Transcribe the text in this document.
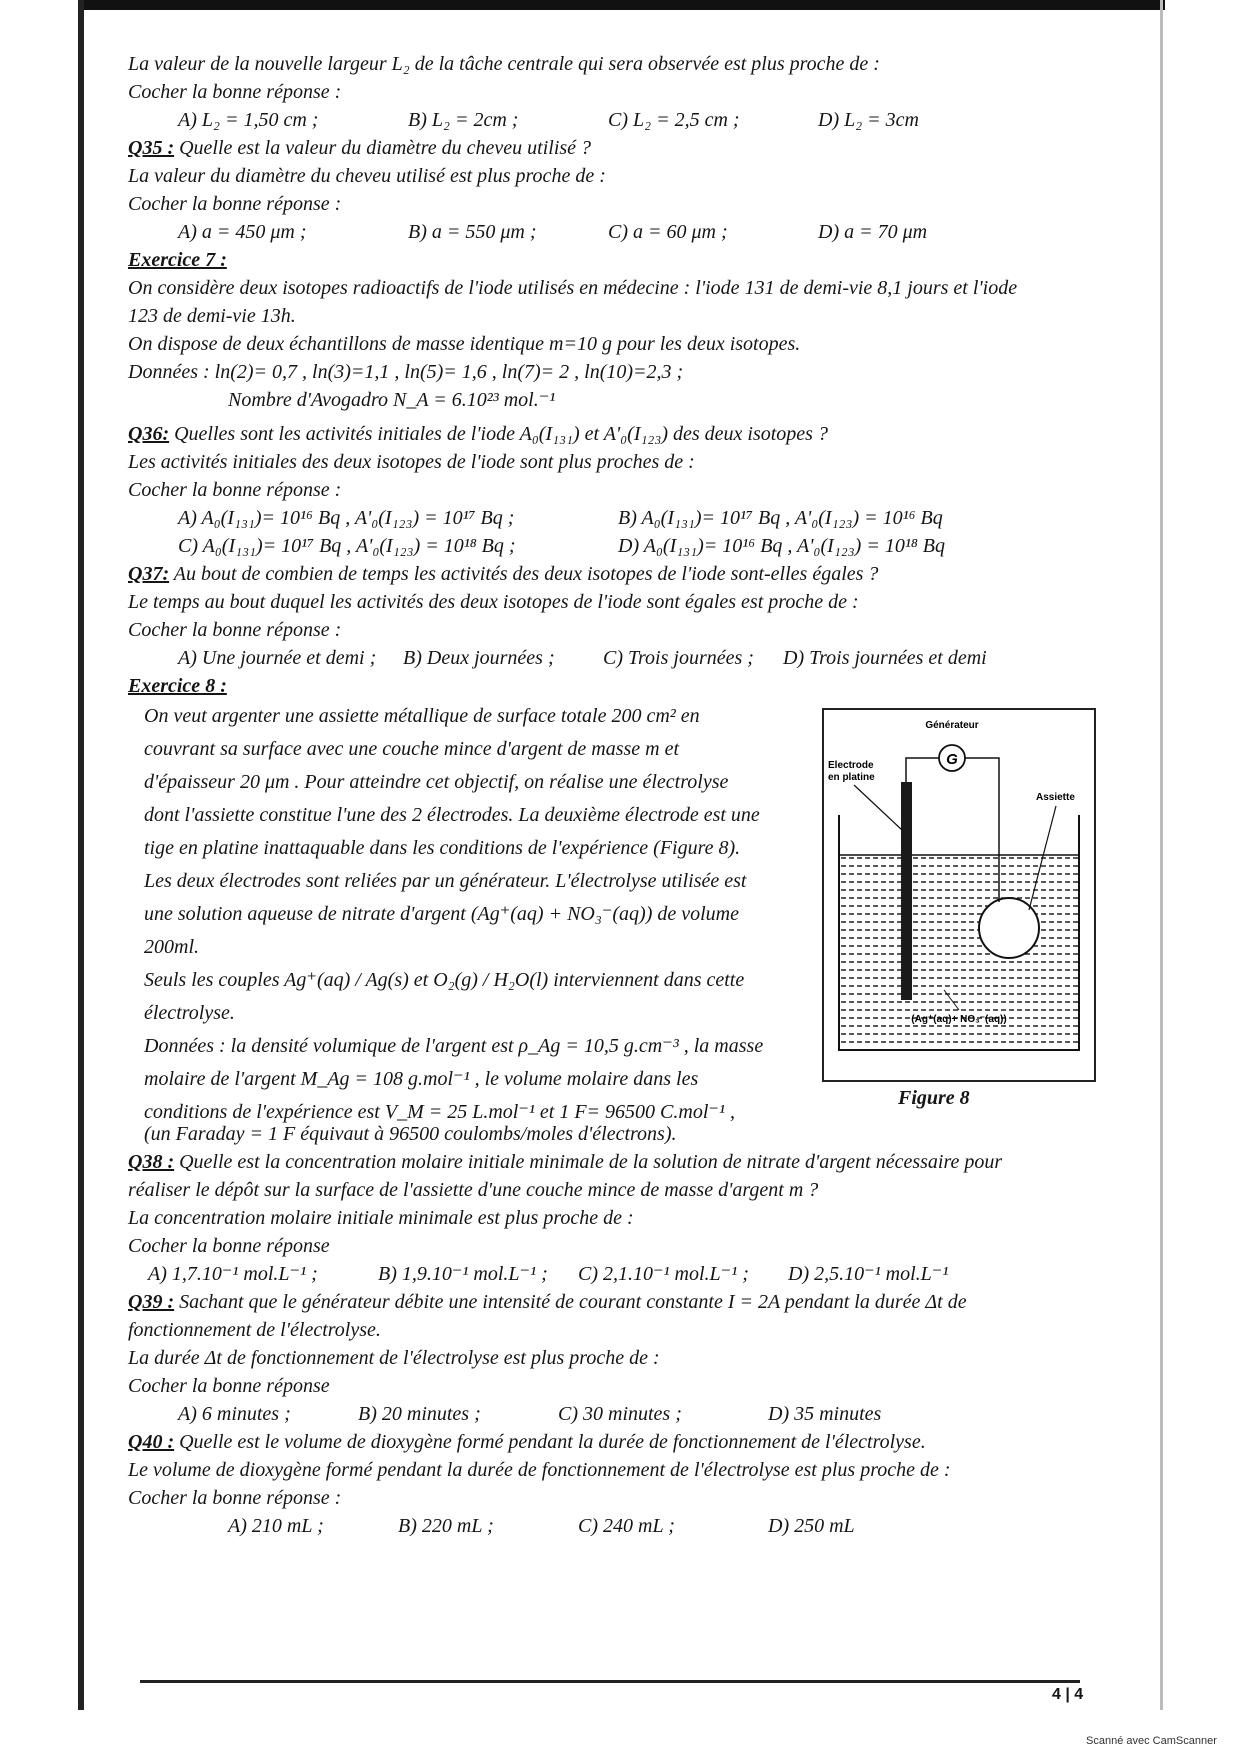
La valeur de la nouvelle largeur L₂ de la tâche centrale qui sera observée est plus proche de :
Cocher la bonne réponse :
A) L₂ = 1,50 cm ;	B) L₂ = 2cm ;	C) L₂ = 2,5 cm ;	D) L₂ = 3cm
Q35 : Quelle est la valeur du diamètre du cheveu utilisé ?
La valeur du diamètre du cheveu utilisé est plus proche de :
Cocher la bonne réponse :
A) a = 450 μm ;	B) a = 550 μm ;	C) a = 60 μm ;	D) a = 70 μm
Exercice 7 :
On considère deux isotopes radioactifs de l'iode utilisés en médecine : l'iode 131 de demi-vie 8,1 jours et l'iode
123 de demi-vie 13h.
On dispose de deux échantillons de masse identique m=10 g pour les deux isotopes.
Données : ln(2)= 0,7 , ln(3)=1,1 , ln(5)= 1,6 , ln(7)= 2 , ln(10)=2,3 ;
Nombre d'Avogadro N_A = 6.10²³ mol.⁻¹
Q36: Quelles sont les activités initiales de l'iode A₀(I₁₃₁) et A'₀(I₁₂₃) des deux isotopes ?
Les activités initiales des deux isotopes de l'iode sont plus proches de :
Cocher la bonne réponse :
A) A₀(I₁₃₁)= 10¹⁶ Bq , A'₀(I₁₂₃) = 10¹⁷ Bq ;	B) A₀(I₁₃₁)= 10¹⁷ Bq , A'₀(I₁₂₃) = 10¹⁶ Bq
C) A₀(I₁₃₁)= 10¹⁷ Bq , A'₀(I₁₂₃) = 10¹⁸ Bq ;	D) A₀(I₁₃₁)= 10¹⁶ Bq , A'₀(I₁₂₃) = 10¹⁸ Bq
Q37: Au bout de combien de temps les activités des deux isotopes de l'iode sont-elles égales ?
Le temps au bout duquel les activités des deux isotopes de l'iode sont égales est proche de :
Cocher la bonne réponse :
A) Une journée et demi ;	B) Deux journées ;	C) Trois journées ;	D) Trois journées et demi
Exercice 8 :
On veut argenter une assiette métallique de surface totale 200 cm² en
couvrant sa surface avec une couche mince d'argent de masse m et
d'épaisseur 20 μm . Pour atteindre cet objectif, on réalise une électrolyse
dont l'assiette constitue l'une des 2 électrodes. La deuxième électrode est une
tige en platine inattaquable dans les conditions de l'expérience (Figure 8).
Les deux électrodes sont reliées par un générateur. L'électrolyse utilisée est
une solution aqueuse de nitrate d'argent (Ag⁺(aq) + NO₃⁻(aq)) de volume
200ml.
Seuls les couples Ag⁺(aq) / Ag(s) et O₂(g) / H₂O(l) interviennent dans cette
électrolyse.
Données : la densité volumique de l'argent est ρ_Ag = 10,5 g.cm⁻³ , la masse
molaire de l'argent M_Ag = 108 g.mol⁻¹ , le volume molaire dans les
conditions de l'expérience est V_M = 25 L.mol⁻¹ et 1 F= 96500 C.mol⁻¹ ,
G
Générateur
Electrode
en platine
Assiette
(Ag⁺(aq)+ NO₃⁻(aq))
Figure 8
(un Faraday = 1 F équivaut à 96500 coulombs/moles d'électrons).
Q38 : Quelle est la concentration molaire initiale minimale de la solution de nitrate d'argent nécessaire pour
réaliser le dépôt sur la surface de l'assiette d'une couche mince de masse d'argent m ?
La concentration molaire initiale minimale est plus proche de :
Cocher la bonne réponse
A) 1,7.10⁻¹ mol.L⁻¹ ;	B) 1,9.10⁻¹ mol.L⁻¹ ;	C) 2,1.10⁻¹ mol.L⁻¹ ;	D) 2,5.10⁻¹ mol.L⁻¹
Q39 : Sachant que le générateur débite une intensité de courant constante I = 2A pendant la durée Δt de
fonctionnement de l'électrolyse.
La durée Δt de fonctionnement de l'électrolyse est plus proche de :
Cocher la bonne réponse
A) 6 minutes ;	B) 20 minutes ;	C) 30 minutes ;	D) 35 minutes
Q40 : Quelle est le volume de dioxygène formé pendant la durée de fonctionnement de l'électrolyse.
Le volume de dioxygène formé pendant la durée de fonctionnement de l'électrolyse est plus proche de :
Cocher la bonne réponse :
A) 210 mL ;	B) 220 mL ;	C) 240 mL ;	D) 250 mL
4 | 4
Scanné avec CamScanner
